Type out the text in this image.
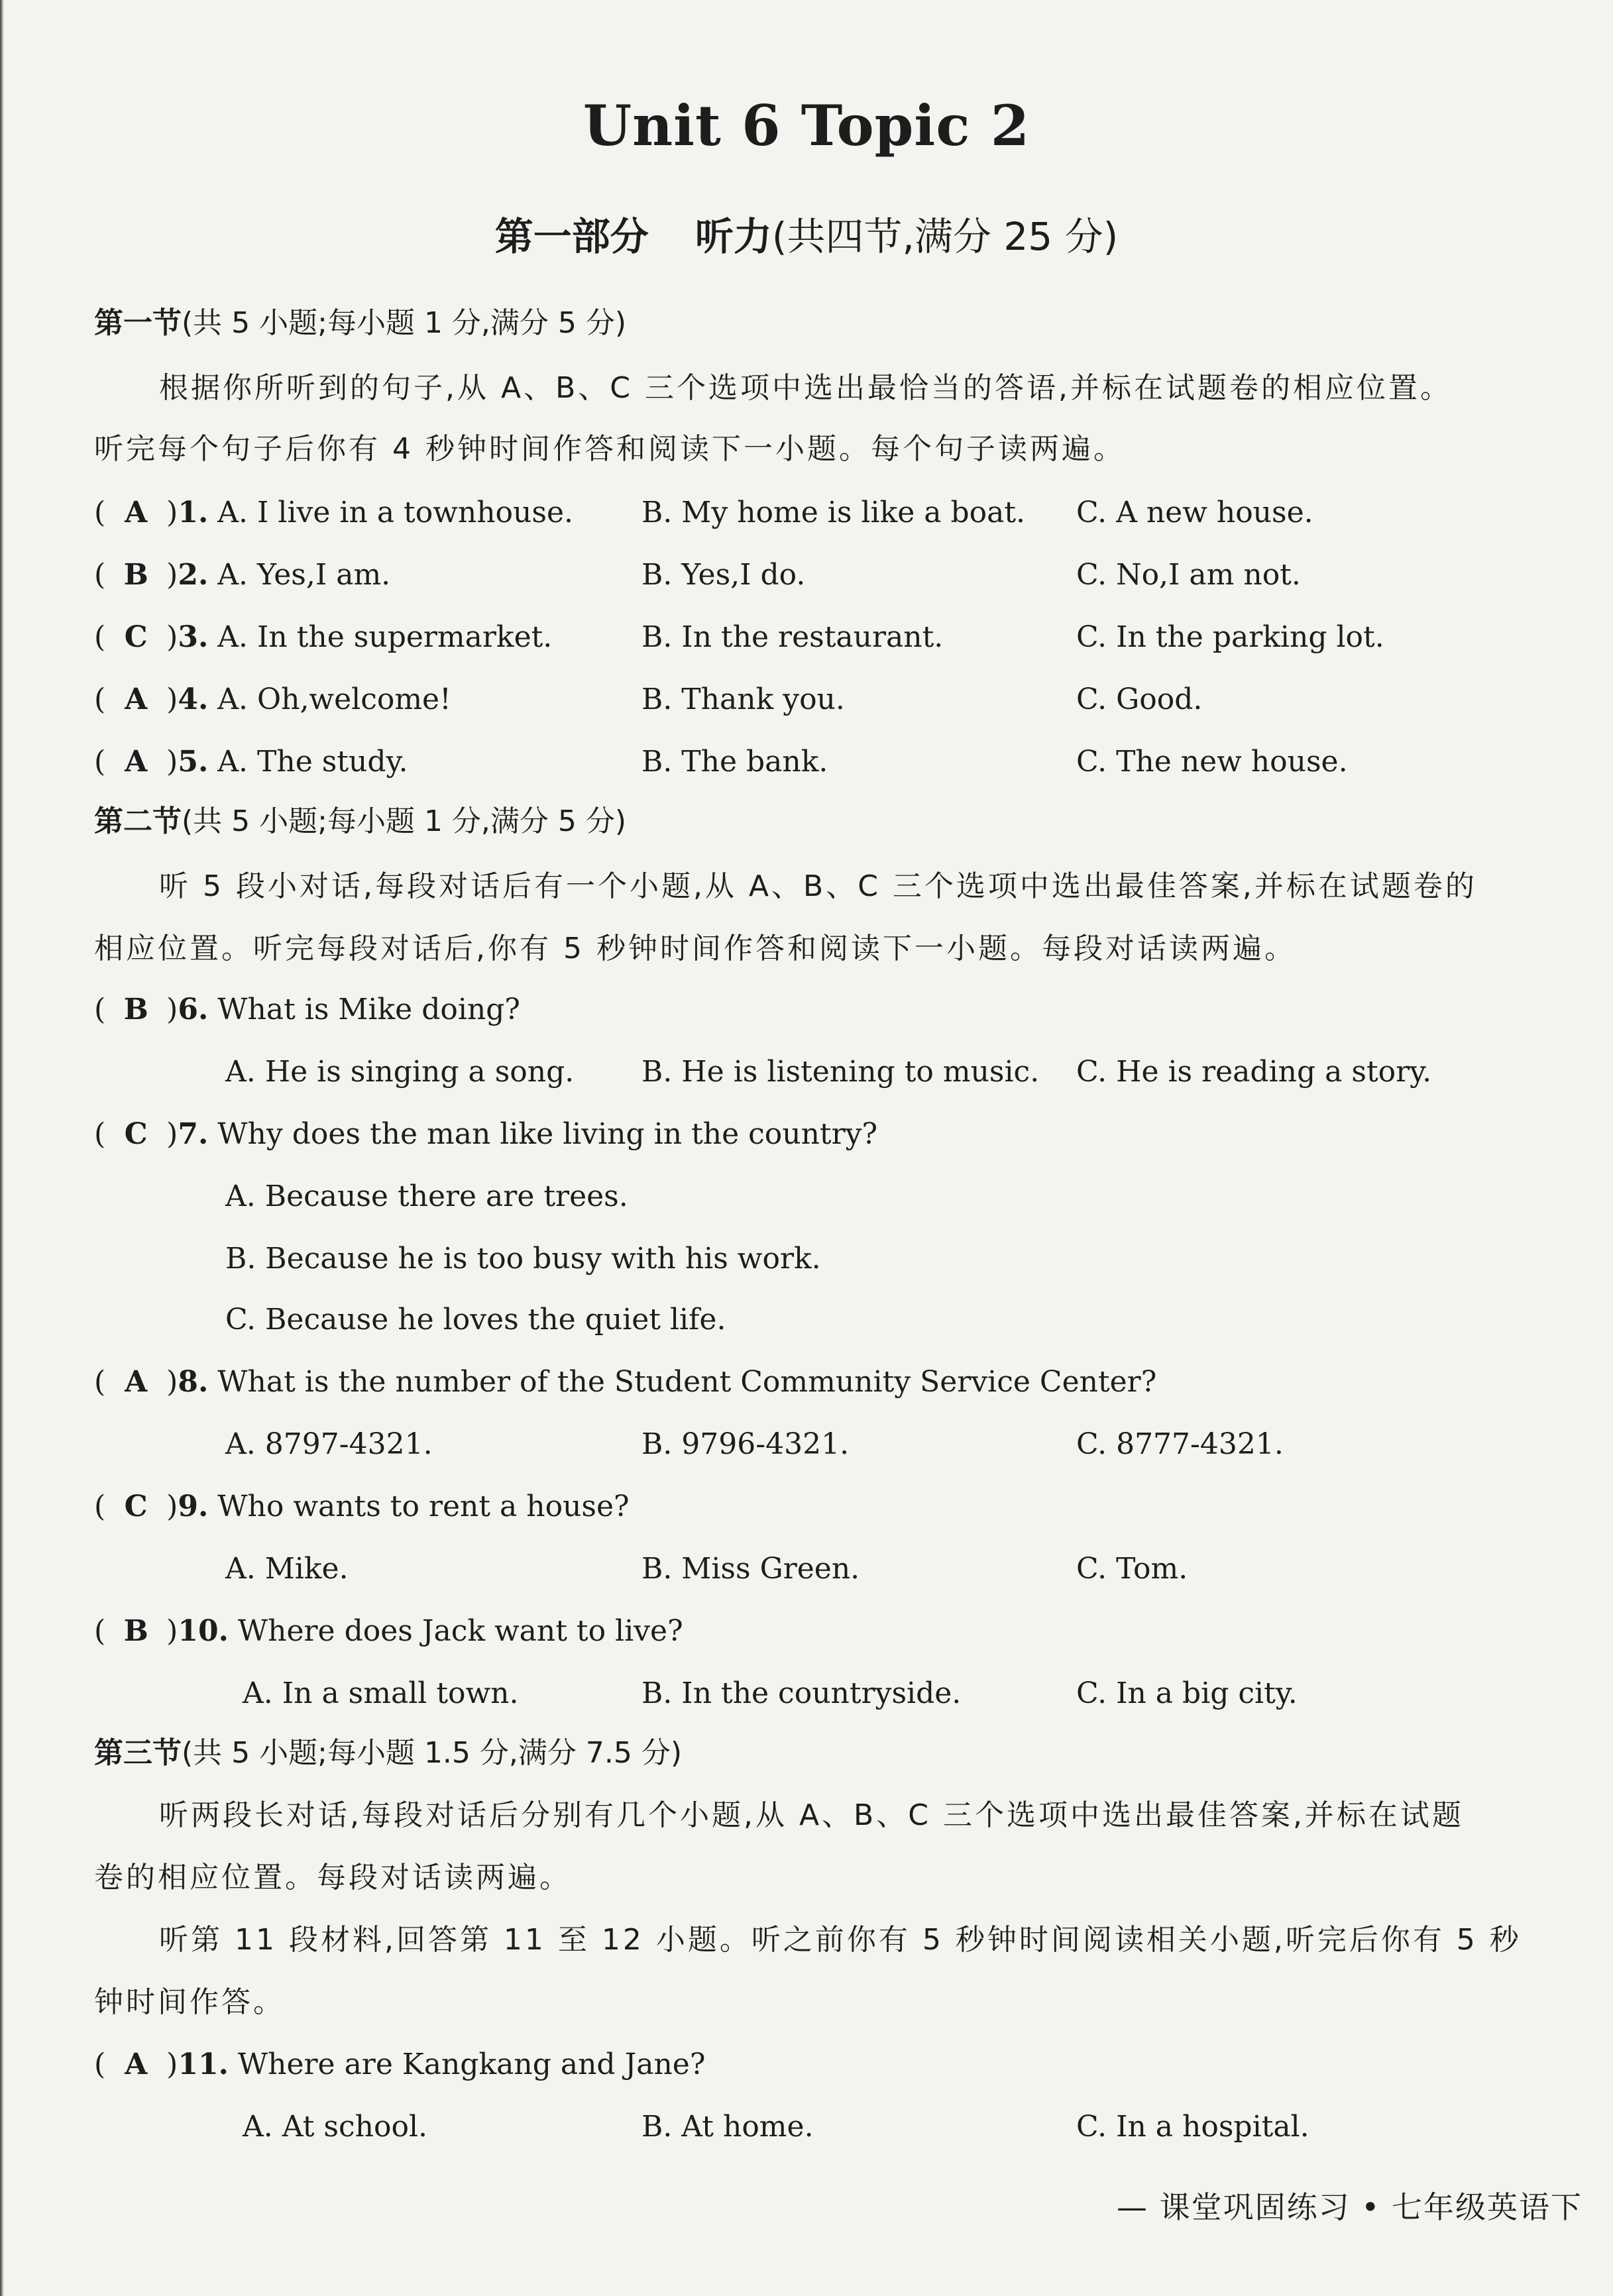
Unit 6 Topic 2
第一部分 听力(共四节,满分 25 分)
第一节(共 5 小题;每小题 1 分,满分 5 分)
根据你所听到的句子,从 A、B、C 三个选项中选出最恰当的答语,并标在试题卷的相应位置。
听完每个句子后你有 4 秒钟时间作答和阅读下一小题。每个句子读两遍。
( A )1. A. I live in a townhouse. B. My home is like a boat. C. A new house.
( B )2. A. Yes,I am.	B. Yes,I do.	C. No,I am not.
( C )3. A. In the supermarket.	B. In the restaurant.	C. In the parking lot.
( A )4. A. Oh,welcome!	B. Thank you.	C. Good.
( A )5. A. The study.	B. The bank.	C. The new house.
第二节(共 5 小题;每小题 1 分,满分 5 分)
听 5 段小对话,每段对话后有一个小题,从 A、B、C 三个选项中选出最佳答案,并标在试题卷的
相应位置。听完每段对话后,你有 5 秒钟时间作答和阅读下一小题。每段对话读两遍。
( B )6. What is Mike doing?
A. He is singing a song. B. He is listening to music. C. He is reading a story.
( C )7. Why does the man like living in the country?
A. Because there are trees.
B. Because he is too busy with his work.
C. Because he loves the quiet life.
( A )8. What is the number of the Student Community Service Center?
A. 8797-4321.	B. 9796-4321.	C. 8777-4321.
( C )9. Who wants to rent a house?
A. Mike.	B. Miss Green.	C. Tom.
( B )10. Where does Jack want to live?
A. In a small town.	B. In the countryside.	C. In a big city.
第三节(共 5 小题;每小题 1.5 分,满分 7.5 分)
听两段长对话,每段对话后分别有几个小题,从 A、B、C 三个选项中选出最佳答案,并标在试题
卷的相应位置。每段对话读两遍。
听第 11 段材料,回答第 11 至 12 小题。听之前你有 5 秒钟时间阅读相关小题,听完后你有 5 秒
钟时间作答。
( A )11. Where are Kangkang and Jane?
A. At school.	B. At home.	C. In a hospital.
— 课堂巩固练习 • 七年级英语下
